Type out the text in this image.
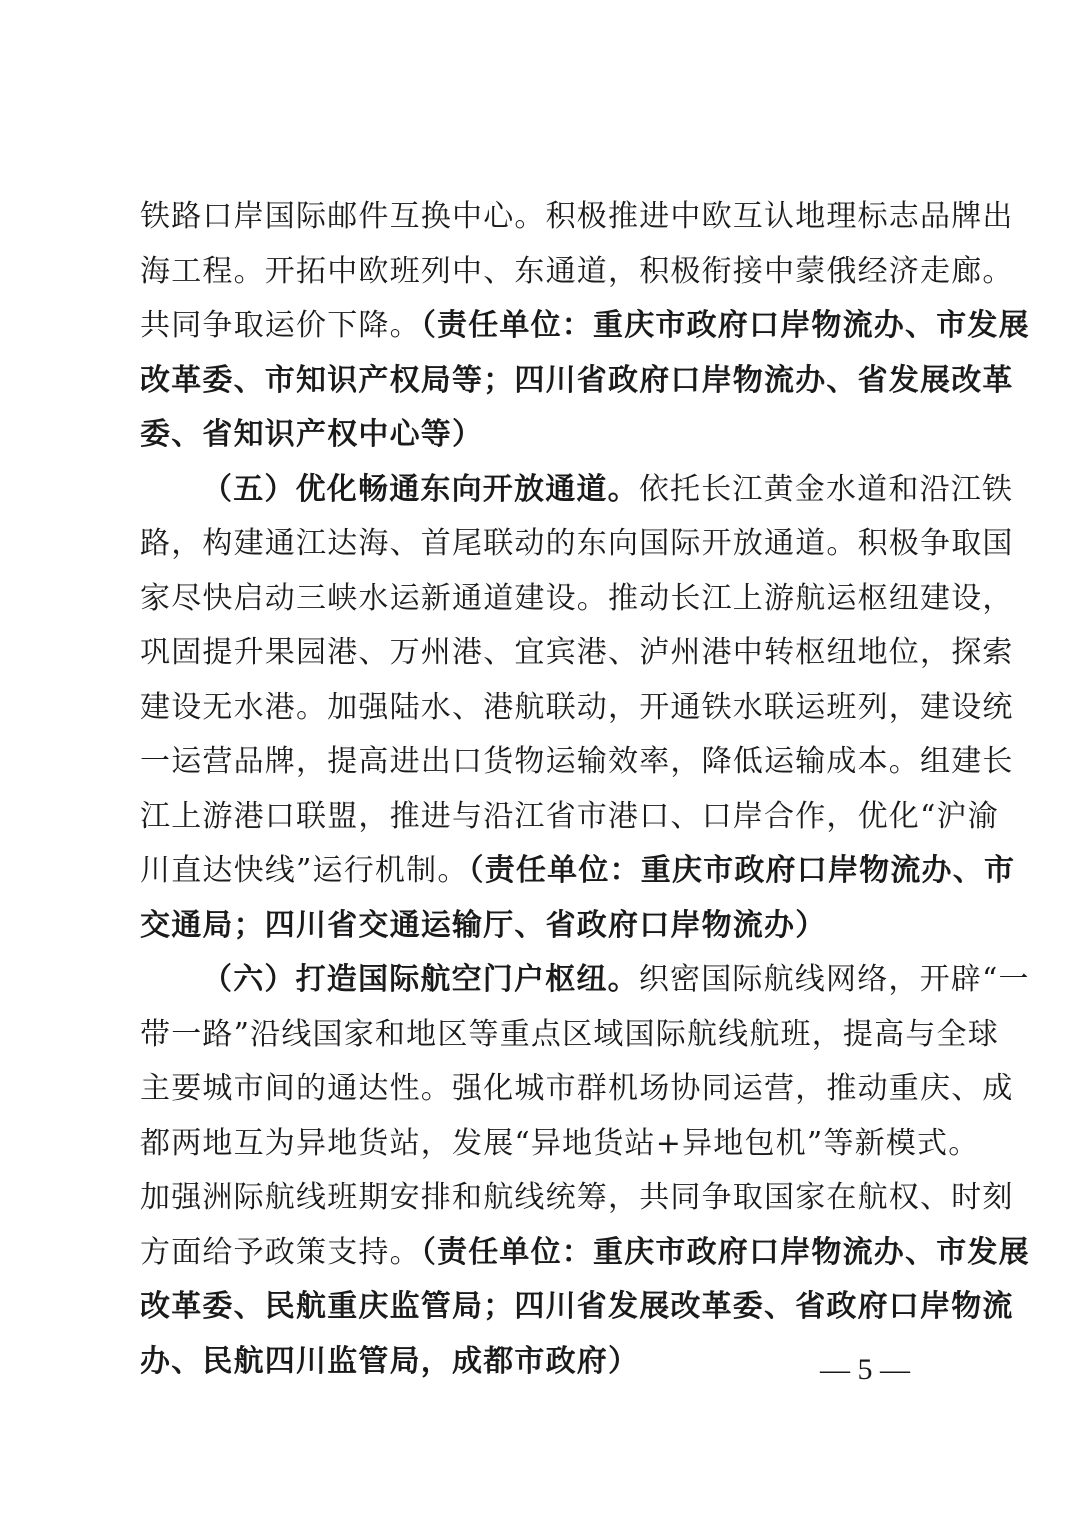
铁路口岸国际邮件互换中心。积极推进中欧互认地理标志品牌出
海工程。开拓中欧班列中、东通道，积极衔接中蒙俄经济走廊。
共同争取运价下降。（责任单位：重庆市政府口岸物流办、市发展
改革委、市知识产权局等；四川省政府口岸物流办、省发展改革
委、省知识产权中心等）
（五）优化畅通东向开放通道。依托长江黄金水道和沿江铁
路，构建通江达海、首尾联动的东向国际开放通道。积极争取国
家尽快启动三峡水运新通道建设。推动长江上游航运枢纽建设，
巩固提升果园港、万州港、宜宾港、泸州港中转枢纽地位，探索
建设无水港。加强陆水、港航联动，开通铁水联运班列，建设统
一运营品牌，提高进出口货物运输效率，降低运输成本。组建长
江上游港口联盟，推进与沿江省市港口、口岸合作，优化“沪渝
川直达快线”运行机制。（责任单位：重庆市政府口岸物流办、市
交通局；四川省交通运输厅、省政府口岸物流办）
（六）打造国际航空门户枢纽。织密国际航线网络，开辟“一
带一路”沿线国家和地区等重点区域国际航线航班，提高与全球
主要城市间的通达性。强化城市群机场协同运营，推动重庆、成
都两地互为异地货站，发展“异地货站+异地包机”等新模式。
加强洲际航线班期安排和航线统筹，共同争取国家在航权、时刻
方面给予政策支持。（责任单位：重庆市政府口岸物流办、市发展
改革委、民航重庆监管局；四川省发展改革委、省政府口岸物流
办、民航四川监管局，成都市政府）	— 5 —
